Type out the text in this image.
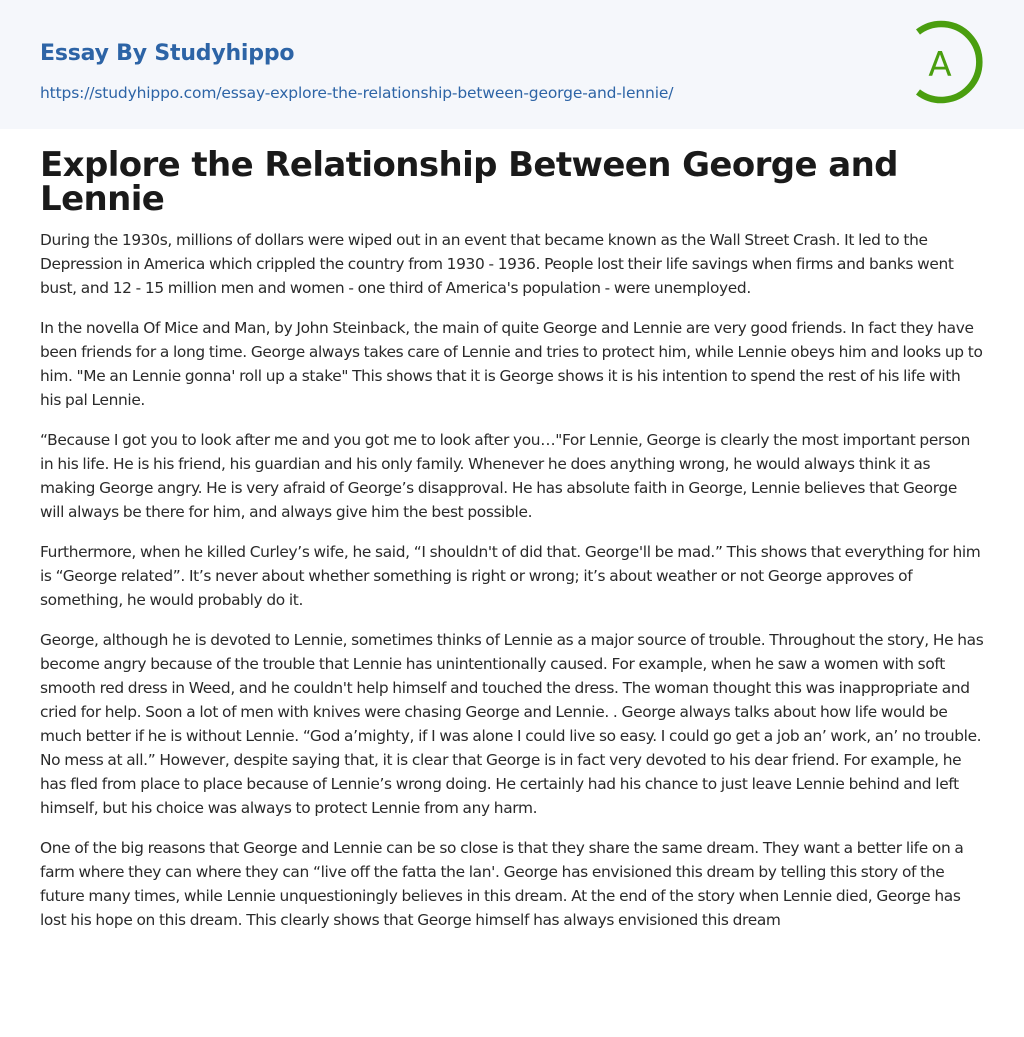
Essay By Studyhippo
https://studyhippo.com/essay-explore-the-relationship-between-george-and-lennie/
A
Explore the Relationship Between George and Lennie

During the 1930s, millions of dollars were wiped out in an event that became known as the Wall Street Crash. It led to the Depression in America which crippled the country from 1930 - 1936. People lost their life savings when firms and banks went bust, and 12 - 15 million men and women - one third of America's population - were unemployed.

In the novella Of Mice and Man, by John Steinback, the main of quite George and Lennie are very good friends. In fact they have been friends for a long time. George always takes care of Lennie and tries to protect him, while Lennie obeys him and looks up to him. "Me an Lennie gonna' roll up a stake" This shows that it is George shows it is his intention to spend the rest of his life with his pal Lennie.

“Because I got you to look after me and you got me to look after you…"For Lennie, George is clearly the most important person in his life. He is his friend, his guardian and his only family. Whenever he does anything wrong, he would always think it as making George angry. He is very afraid of George’s disapproval. He has absolute faith in George, Lennie believes that George will always be there for him, and always give him the best possible.

Furthermore, when he killed Curley’s wife, he said, “I shouldn't of did that. George'll be mad.” This shows that everything for him is “George related”. It’s never about whether something is right or wrong; it’s about weather or not George approves of something, he would probably do it.

George, although he is devoted to Lennie, sometimes thinks of Lennie as a major source of trouble. Throughout the story, He has become angry because of the trouble that Lennie has unintentionally caused. For example, when he saw a women with soft smooth red dress in Weed, and he couldn't help himself and touched the dress. The woman thought this was inappropriate and cried for help. Soon a lot of men with knives were chasing George and Lennie. . George always talks about how life would be much better if he is without Lennie. “God a’mighty, if I was alone I could live so easy. I could go get a job an’ work, an’ no trouble. No mess at all.” However, despite saying that, it is clear that George is in fact very devoted to his dear friend. For example, he has fled from place to place because of Lennie’s wrong doing. He certainly had his chance to just leave Lennie behind and left himself, but his choice was always to protect Lennie from any harm.

One of the big reasons that George and Lennie can be so close is that they share the same dream. They want a better life on a farm where they can where they can “live off the fatta the lan'. George has envisioned this dream by telling this story of the future many times, while Lennie unquestioningly believes in this dream. At the end of the story when Lennie died, George has lost his hope on this dream. This clearly shows that George himself has always envisioned this dream
